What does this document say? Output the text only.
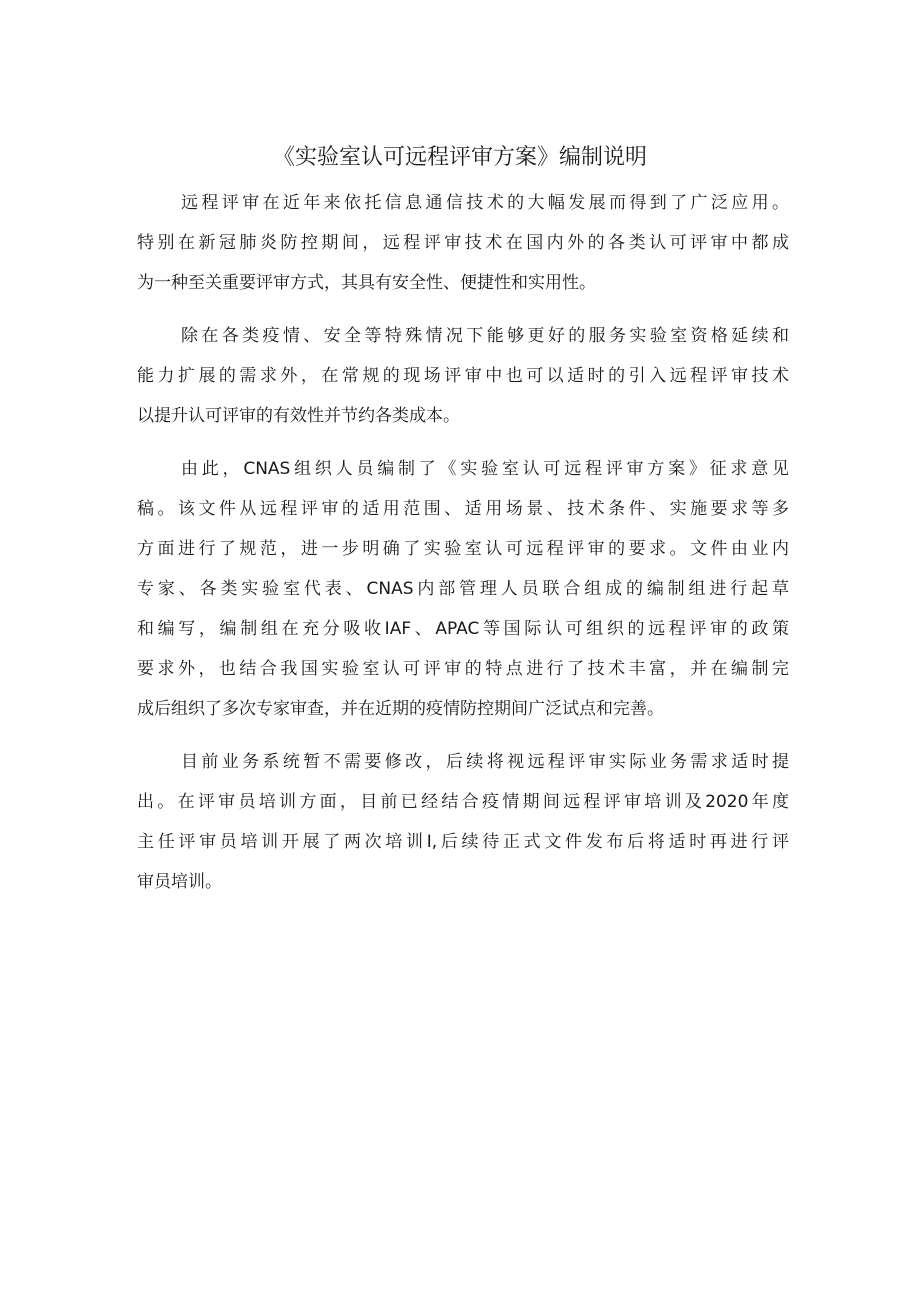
《实验室认可远程评审方案》编制说明
远程评审在近年来依托信息通信技术的大幅发展而得到了广泛应用。
特别在新冠肺炎防控期间，远程评审技术在国内外的各类认可评审中都成
为一种至关重要评审方式，其具有安全性、便捷性和实用性。
除在各类疫情、安全等特殊情况下能够更好的服务实验室资格延续和
能力扩展的需求外，在常规的现场评审中也可以适时的引入远程评审技术
以提升认可评审的有效性并节约各类成本。
由此，CNAS组织人员编制了《实验室认可远程评审方案》征求意见
稿。该文件从远程评审的适用范围、适用场景、技术条件、实施要求等多
方面进行了规范，进一步明确了实验室认可远程评审的要求。文件由业内
专家、各类实验室代表、CNAS内部管理人员联合组成的编制组进行起草
和编写，编制组在充分吸收IAF、APAC等国际认可组织的远程评审的政策
要求外，也结合我国实验室认可评审的特点进行了技术丰富，并在编制完
成后组织了多次专家审查，并在近期的疫情防控期间广泛试点和完善。
目前业务系统暂不需要修改，后续将视远程评审实际业务需求适时提
出。在评审员培训方面，目前已经结合疫情期间远程评审培训及2020年度
主任评审员培训开展了两次培训I,后续待正式文件发布后将适时再进行评
审员培训。
